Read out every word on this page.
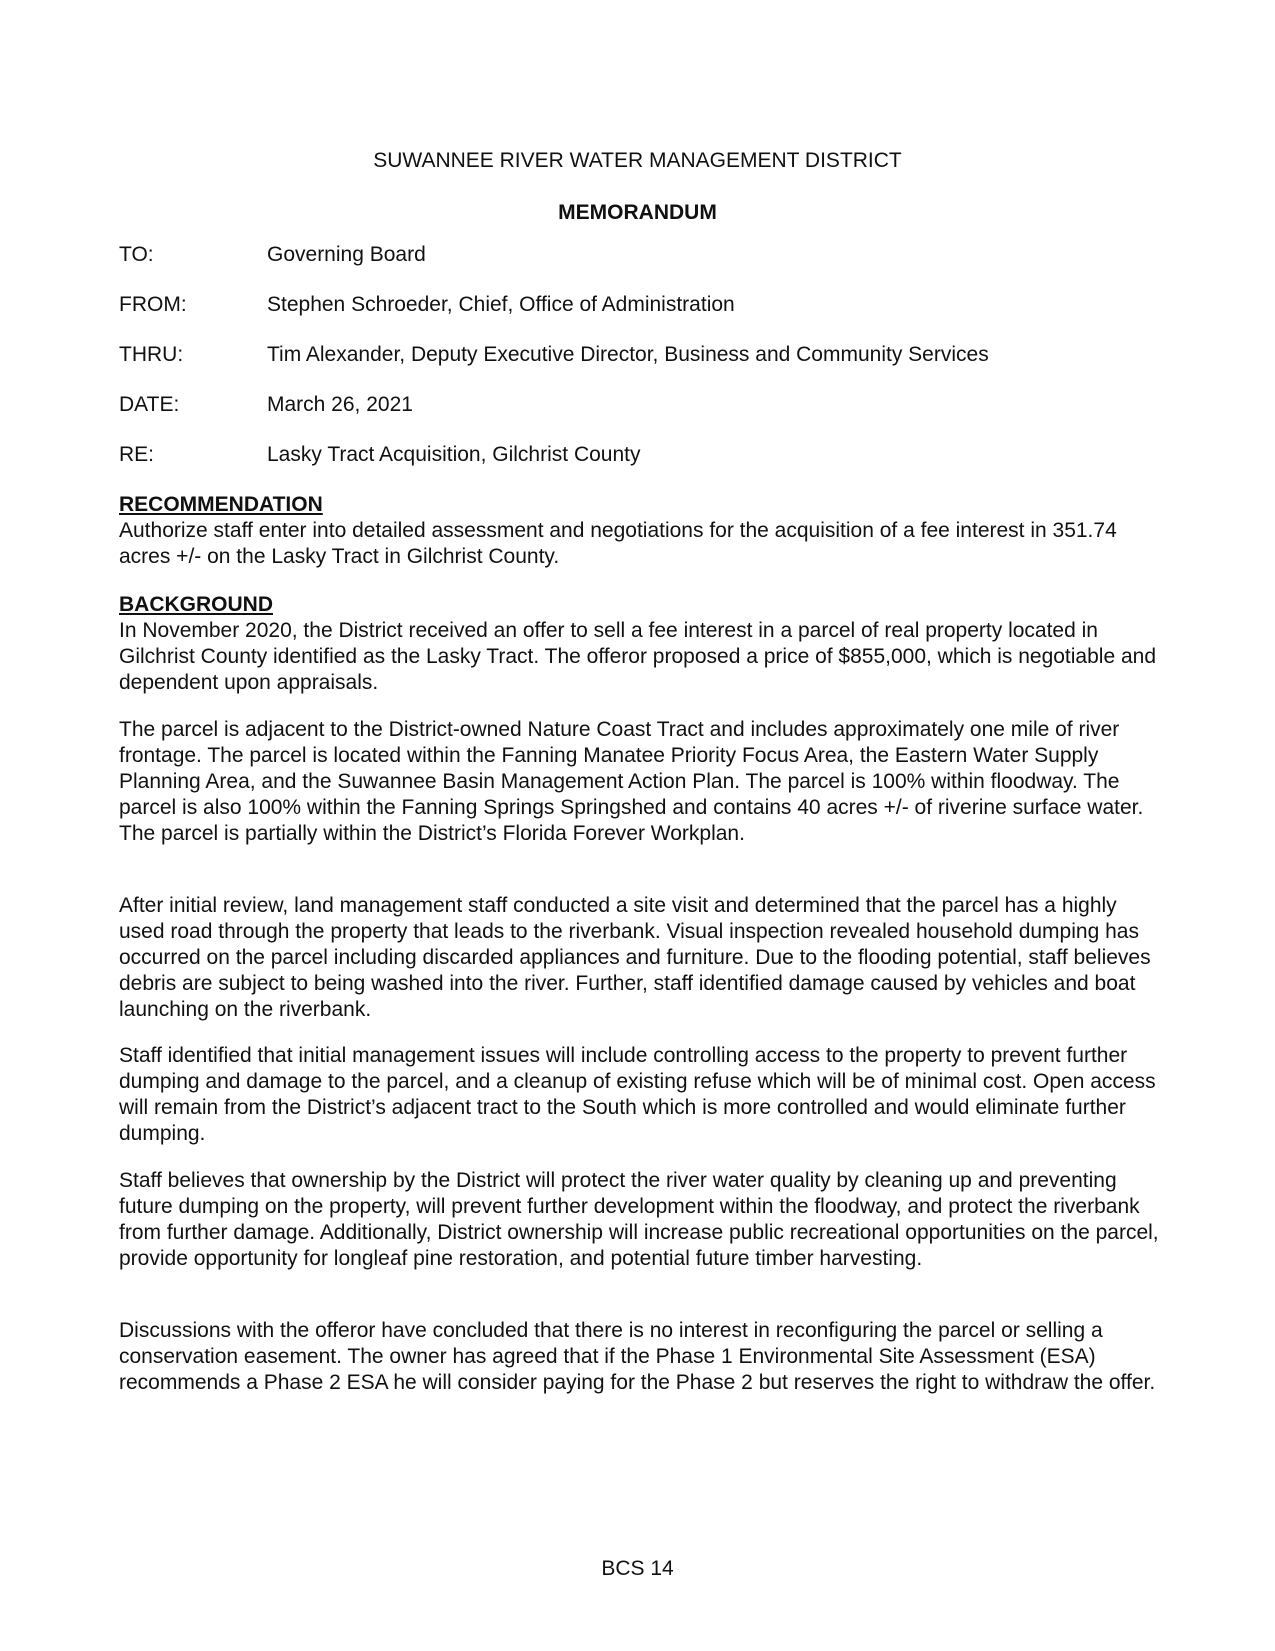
SUWANNEE RIVER WATER MANAGEMENT DISTRICT
MEMORANDUM
TO:	Governing Board
FROM:	Stephen Schroeder, Chief, Office of Administration
THRU:	Tim Alexander, Deputy Executive Director, Business and Community Services
DATE:	March 26, 2021
RE:	Lasky Tract Acquisition, Gilchrist County

RECOMMENDATION

Authorize staff enter into detailed assessment and negotiations for the acquisition of a fee interest in 351.74 acres +/- on the Lasky Tract in Gilchrist County.

BACKGROUND

In November 2020, the District received an offer to sell a fee interest in a parcel of real property located in Gilchrist County identified as the Lasky Tract. The offeror proposed a price of $855,000, which is negotiable and dependent upon appraisals.

The parcel is adjacent to the District-owned Nature Coast Tract and includes approximately one mile of river frontage. The parcel is located within the Fanning Manatee Priority Focus Area, the Eastern Water Supply Planning Area, and the Suwannee Basin Management Action Plan. The parcel is 100% within floodway. The parcel is also 100% within the Fanning Springs Springshed and contains 40 acres +/- of riverine surface water. The parcel is partially within the District’s Florida Forever Workplan.

After initial review, land management staff conducted a site visit and determined that the parcel has a highly used road through the property that leads to the riverbank. Visual inspection revealed household dumping has occurred on the parcel including discarded appliances and furniture. Due to the flooding potential, staff believes debris are subject to being washed into the river. Further, staff identified damage caused by vehicles and boat launching on the riverbank.

Staff identified that initial management issues will include controlling access to the property to prevent further dumping and damage to the parcel, and a cleanup of existing refuse which will be of minimal cost. Open access will remain from the District’s adjacent tract to the South which is more controlled and would eliminate further dumping.

Staff believes that ownership by the District will protect the river water quality by cleaning up and preventing future dumping on the property, will prevent further development within the floodway, and protect the riverbank from further damage. Additionally, District ownership will increase public recreational opportunities on the parcel, provide opportunity for longleaf pine restoration, and potential future timber harvesting.

Discussions with the offeror have concluded that there is no interest in reconfiguring the parcel or selling a conservation easement. The owner has agreed that if the Phase 1 Environmental Site Assessment (ESA) recommends a Phase 2 ESA he will consider paying for the Phase 2 but reserves the right to withdraw the offer.

BCS 14
